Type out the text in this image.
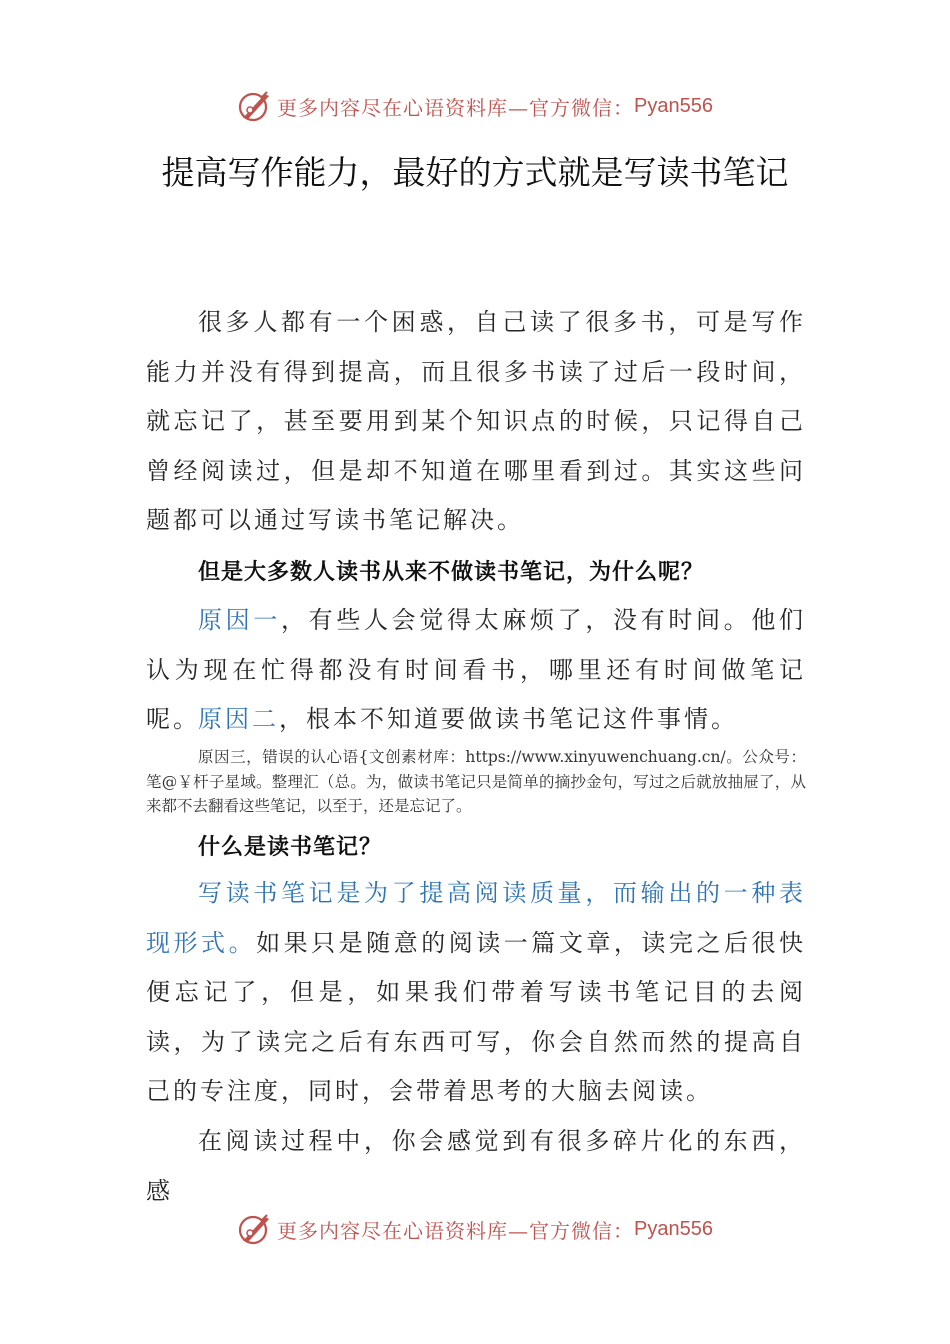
更多内容尽在心语资料库—官方微信： Pyan556
提高写作能力，最好的方式就是写读书笔记

很多人都有一个困惑，自己读了很多书，可是写作能力并没有得到提高，而且很多书读了过后一段时间，就忘记了，甚至要用到某个知识点的时候，只记得自己曾经阅读过，但是却不知道在哪里看到过。其实这些问题都可以通过写读书笔记解决。

但是大多数人读书从来不做读书笔记，为什么呢？

原因一，有些人会觉得太麻烦了，没有时间。他们认为现在忙得都没有时间看书，哪里还有时间做笔记呢。

原因二，根本不知道要做读书笔记这件事情。

原因三，错误的认心语{文创素材库：https://www.xinyuwenchuang.cn/。公众号：笔@￥杆子星域。整理汇（总。为，做读书笔记只是简单的摘抄金句，写过之后就放抽屉了，从来都不去翻看这些笔记，以至于，还是忘记了。

什么是读书笔记？

写读书笔记是为了提高阅读质量，而输出的一种表现形式。如果只是随意的阅读一篇文章，读完之后很快便忘记了，但是，如果我们带着写读书笔记目的去阅读，为了读完之后有东西可写，你会自然而然的提高自己的专注度，同时，会带着思考的大脑去阅读。

在阅读过程中，你会感觉到有很多碎片化的东西，感

更多内容尽在心语资料库—官方微信： Pyan556
